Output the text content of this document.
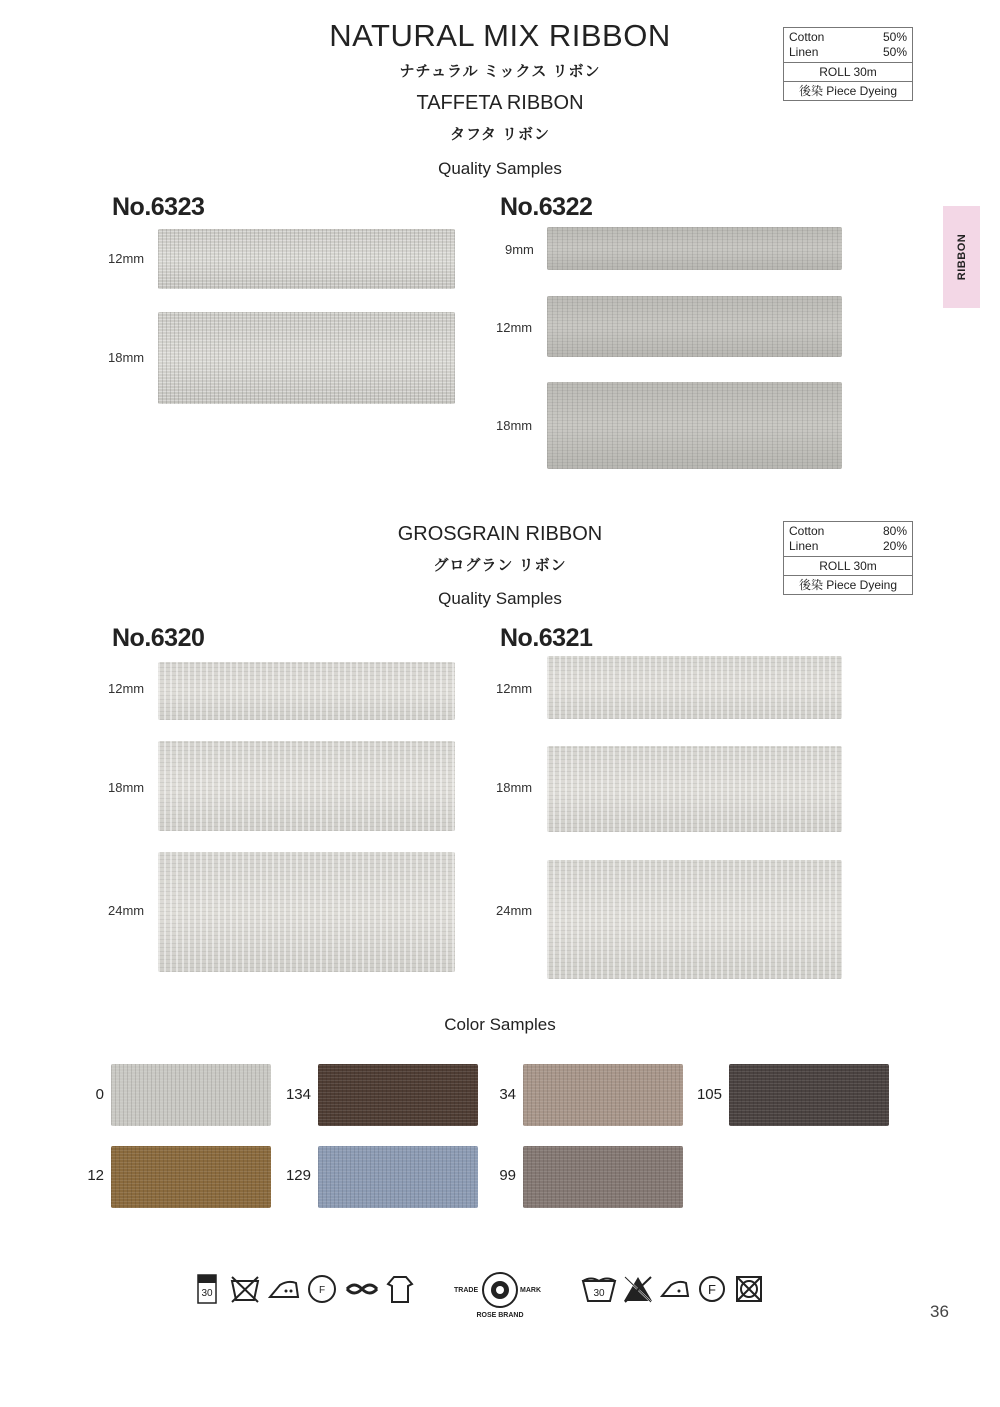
NATURAL MIX RIBBON
ナチュラル ミックス リボン
TAFFETA RIBBON
タフタ リボン
Quality Samples
Cotton	50%
Linen	50%
ROLL 30m
後染 Piece Dyeing
RIBBON
No.6323
12mm
18mm
No.6322
9mm
12mm
18mm
GROSGRAIN RIBBON
グログラン リボン
Quality Samples
Cotton	80%
Linen	20%
ROLL 30m
後染 Piece Dyeing
No.6320
12mm
18mm
24mm
No.6321
12mm
18mm
24mm
Color Samples
0	134	34	105
12	129	99
30	F	TRADE	MARK
ROSE BRAND
30	F
36
